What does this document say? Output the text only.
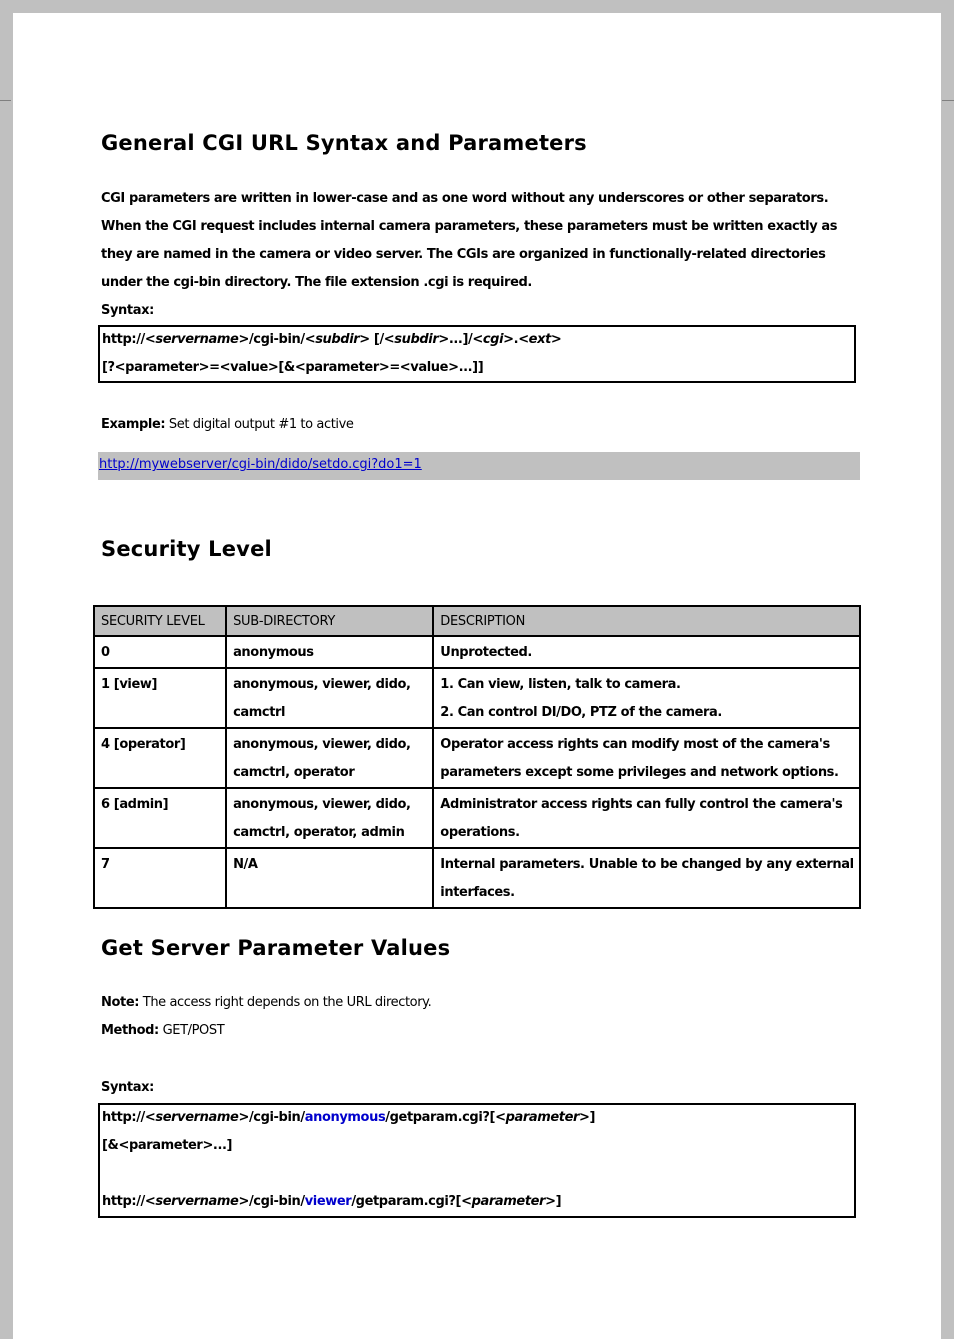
General CGI URL Syntax and Parameters
CGI parameters are written in lower-case and as one word without any underscores or other separators.
When the CGI request includes internal camera parameters, these parameters must be written exactly as
they are named in the camera or video server. The CGIs are organized in functionally-related directories
under the cgi-bin directory. The file extension .cgi is required.
Syntax:
http://<servername>/cgi-bin/<subdir> [/<subdir>...]/<cgi>.<ext>
[?<parameter>=<value>[&<parameter>=<value>...]]
Example: Set digital output #1 to active
http://mywebserver/cgi-bin/dido/setdo.cgi?do1=1
Security Level
SECURITY LEVEL	SUB-DIRECTORY	DESCRIPTION
0	anonymous	Unprotected.

1 [view]	anonymous, viewer, dido, camctrl	1. Can view, listen, talk to camera.
2. Can control DI/DO, PTZ of the camera.

4 [operator]	anonymous, viewer, dido, camctrl, operator	Operator access rights can modify most of the camera's parameters except some privileges and network options.

6 [admin]	anonymous, viewer, dido, camctrl, operator, admin	Administrator access rights can fully control the camera's operations.

7	N/A	Internal parameters. Unable to be changed by any external interfaces.
Get Server Parameter Values
Note: The access right depends on the URL directory.
Method: GET/POST
Syntax:
http://<servername>/cgi-bin/anonymous/getparam.cgi?[<parameter>]
[&<parameter>...]
http://<servername>/cgi-bin/viewer/getparam.cgi?[<parameter>]
